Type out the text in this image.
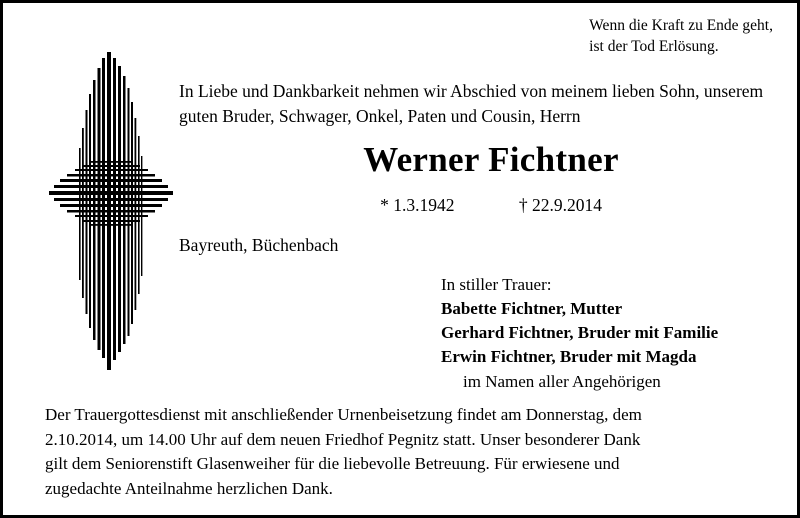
Wenn die Kraft zu Ende geht,
ist der Tod Erlösung.
In Liebe und Dankbarkeit nehmen wir Abschied von meinem lieben Sohn, unserem guten Bruder, Schwager, Onkel, Paten und Cousin, Herrn
Werner Fichtner
* 1.3.1942	† 22.9.2014
Bayreuth, Büchenbach
In stiller Trauer:
Babette Fichtner, Mutter
Gerhard Fichtner, Bruder mit Familie
Erwin Fichtner, Bruder mit Magda
im Namen aller Angehörigen
Der Trauergottesdienst mit anschließender Urnenbeisetzung findet am Donnerstag, dem
2.10.2014, um 14.00 Uhr auf dem neuen Friedhof Pegnitz statt. Unser besonderer Dank
gilt dem Seniorenstift Glasenweiher für die liebevolle Betreuung. Für erwiesene und
zugedachte Anteilnahme herzlichen Dank.
